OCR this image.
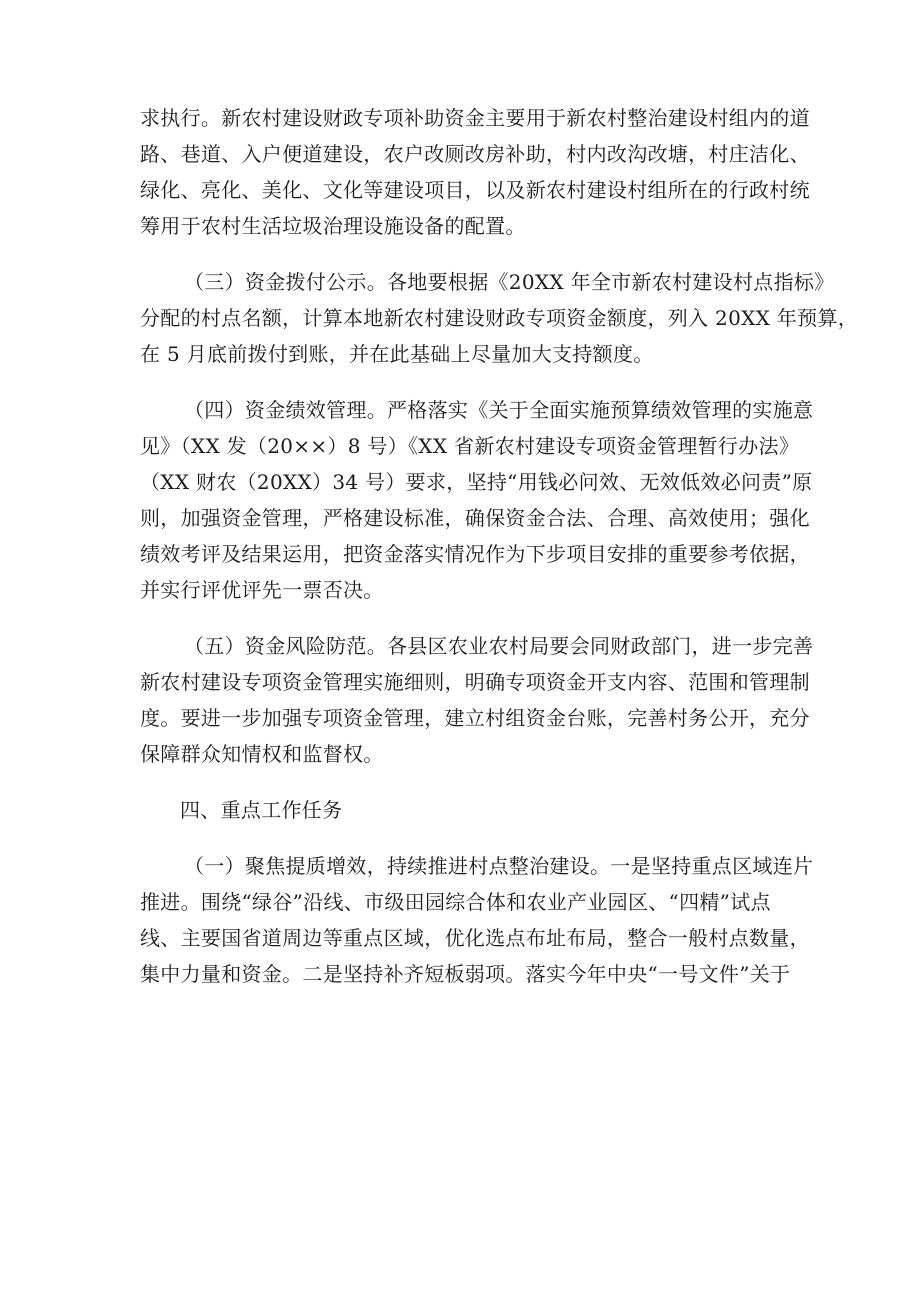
求执行。新农村建设财政专项补助资金主要用于新农村整治建设村组内的道
路、巷道、入户便道建设，农户改厕改房补助，村内改沟改塘，村庄洁化、
绿化、亮化、美化、文化等建设项目，以及新农村建设村组所在的行政村统
筹用于农村生活垃圾治理设施设备的配置。
（三）资金拨付公示。各地要根据《20XX 年全市新农村建设村点指标》
分配的村点名额，计算本地新农村建设财政专项资金额度，列入 20XX 年预算，
在 5 月底前拨付到账，并在此基础上尽量加大支持额度。
（四）资金绩效管理。严格落实《关于全面实施预算绩效管理的实施意
见》（XX 发（20××）8 号）《XX 省新农村建设专项资金管理暂行办法》
（XX 财农（20XX）34 号）要求，坚持“用钱必问效、无效低效必问责”原
则，加强资金管理，严格建设标准，确保资金合法、合理、高效使用；强化
绩效考评及结果运用，把资金落实情况作为下步项目安排的重要参考依据，
并实行评优评先一票否决。
（五）资金风险防范。各县区农业农村局要会同财政部门，进一步完善
新农村建设专项资金管理实施细则，明确专项资金开支内容、范围和管理制
度。要进一步加强专项资金管理，建立村组资金台账，完善村务公开，充分
保障群众知情权和监督权。
四、重点工作任务
（一）聚焦提质增效，持续推进村点整治建设。一是坚持重点区域连片
推进。围绕“绿谷”沿线、市级田园综合体和农业产业园区、“四精”试点
线、主要国省道周边等重点区域，优化选点布址布局，整合一般村点数量，
集中力量和资金。二是坚持补齐短板弱项。落实今年中央“一号文件”关于
